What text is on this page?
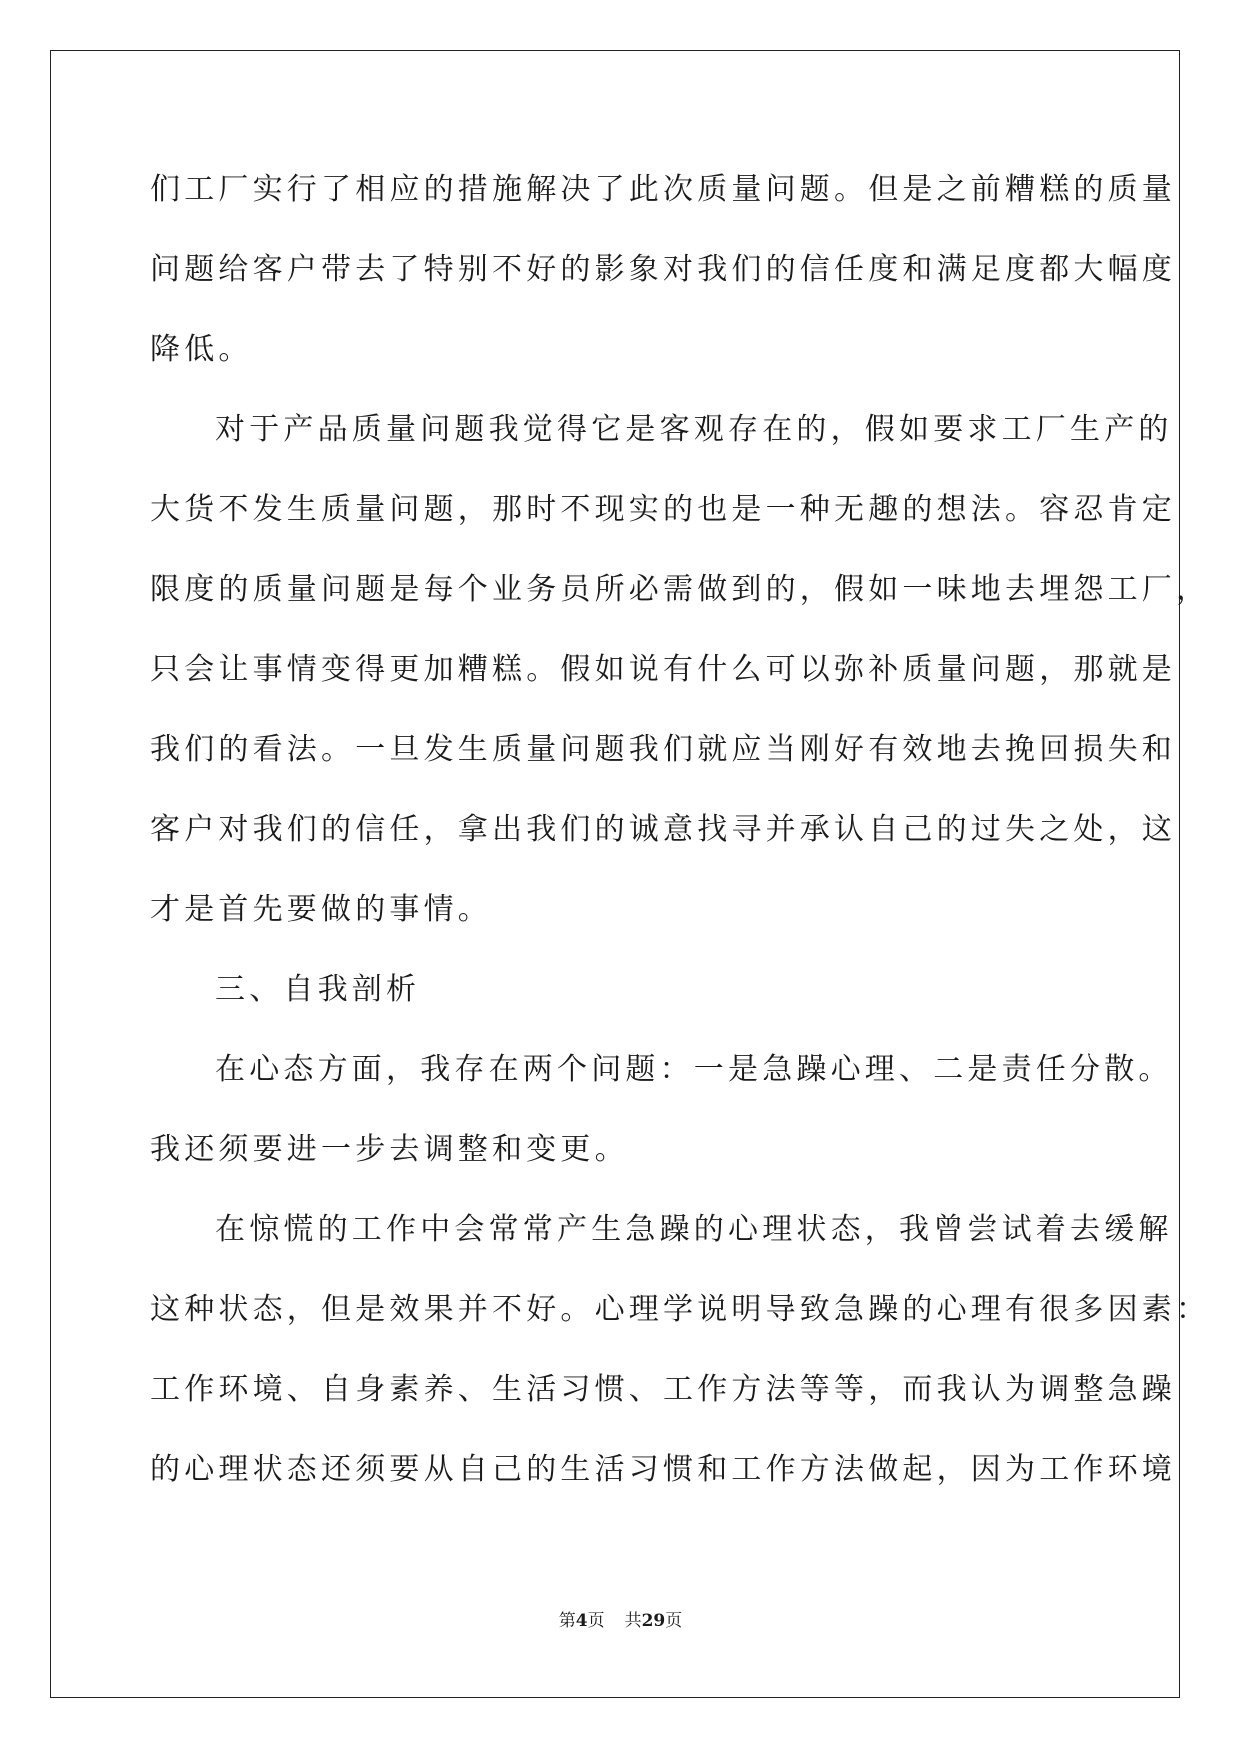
们工厂实行了相应的措施解决了此次质量问题。但是之前糟糕的质量
问题给客户带去了特别不好的影象对我们的信任度和满足度都大幅度
降低。
对于产品质量问题我觉得它是客观存在的，假如要求工厂生产的
大货不发生质量问题，那时不现实的也是一种无趣的想法。容忍肯定
限度的质量问题是每个业务员所必需做到的，假如一味地去埋怨工厂，
只会让事情变得更加糟糕。假如说有什么可以弥补质量问题，那就是
我们的看法。一旦发生质量问题我们就应当刚好有效地去挽回损失和
客户对我们的信任，拿出我们的诚意找寻并承认自己的过失之处，这
才是首先要做的事情。
三、自我剖析
在心态方面，我存在两个问题：一是急躁心理、二是责任分散。
我还须要进一步去调整和变更。
在惊慌的工作中会常常产生急躁的心理状态，我曾尝试着去缓解
这种状态，但是效果并不好。心理学说明导致急躁的心理有很多因素：
工作环境、自身素养、生活习惯、工作方法等等，而我认为调整急躁
的心理状态还须要从自己的生活习惯和工作方法做起，因为工作环境
第4页 共29页
